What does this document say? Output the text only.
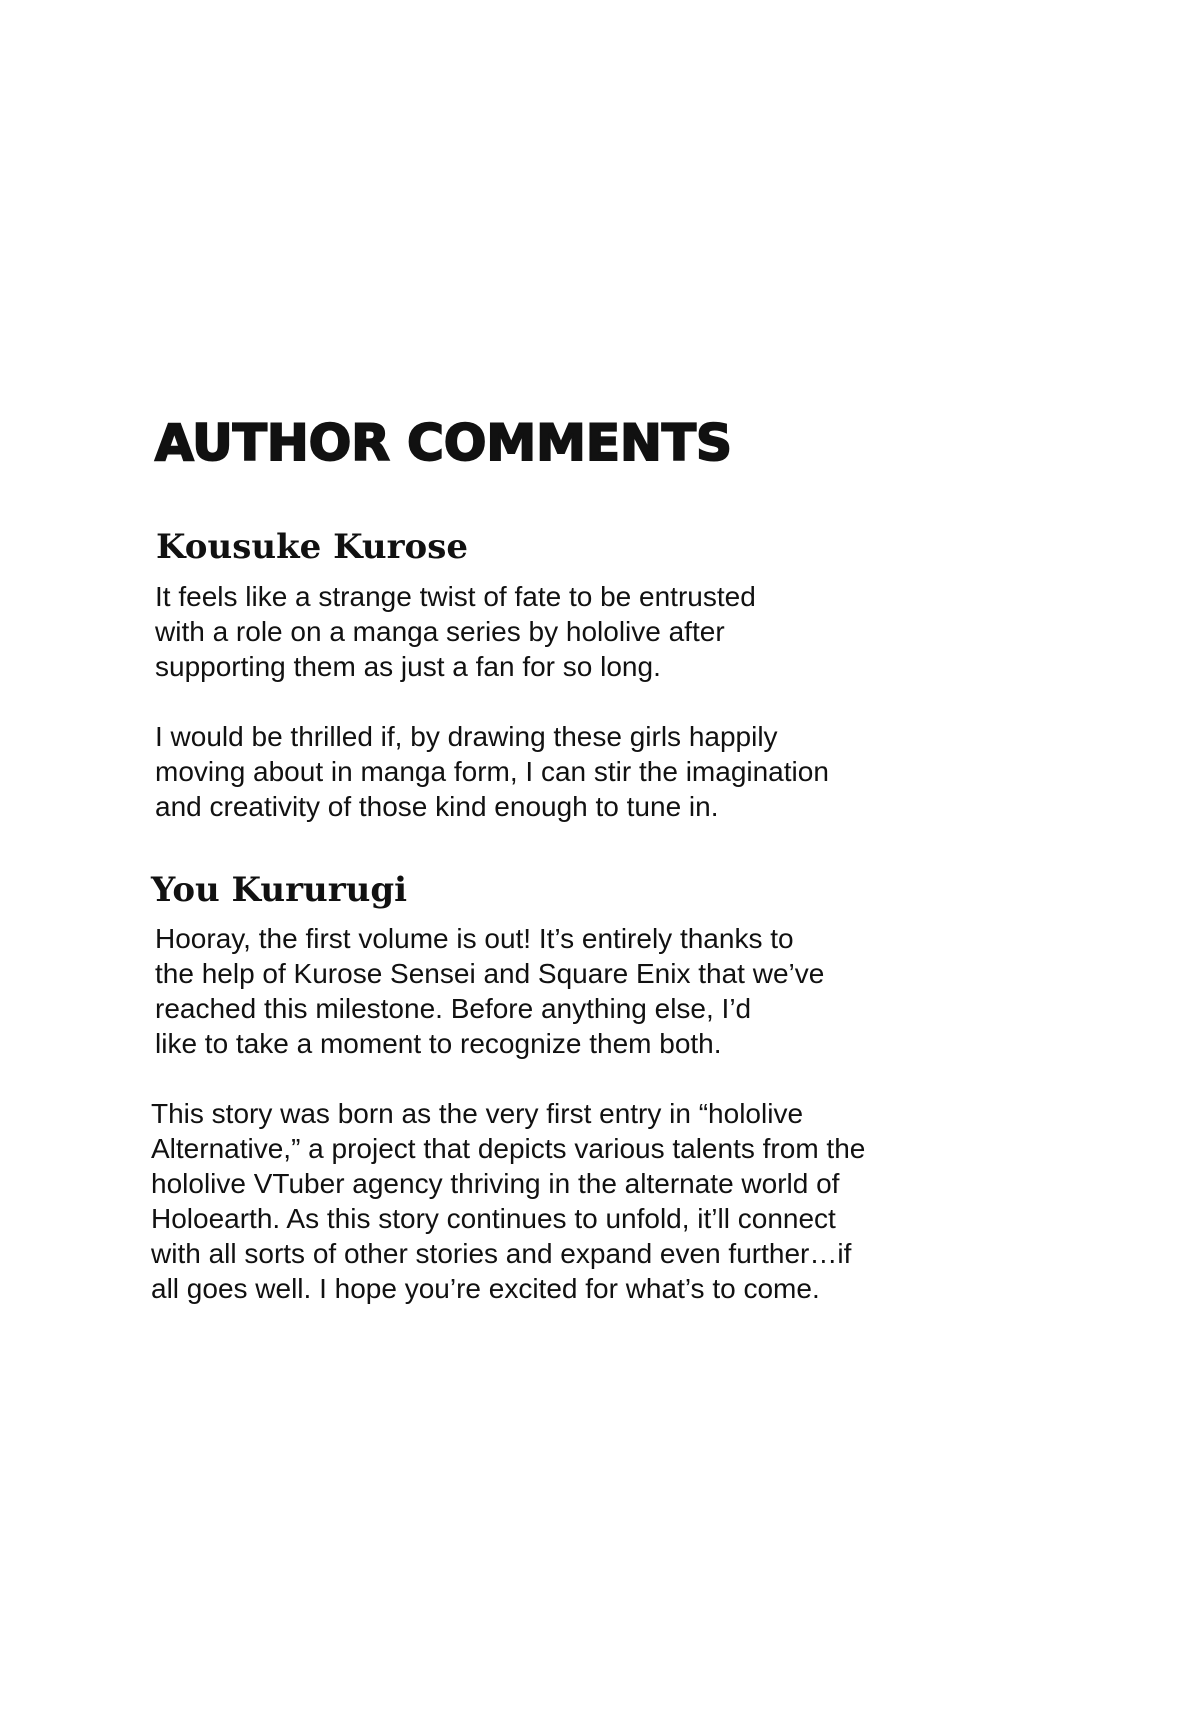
AUTHOR COMMENTS
Kousuke Kurose

It feels like a strange twist of fate to be entrusted
with a role on a manga series by hololive after
supporting them as just a fan for so long.

I would be thrilled if, by drawing these girls happily
moving about in manga form, I can stir the imagination
and creativity of those kind enough to tune in.

You Kururugi

Hooray, the first volume is out! It’s entirely thanks to
the help of Kurose Sensei and Square Enix that we’ve
reached this milestone. Before anything else, I’d
like to take a moment to recognize them both.

This story was born as the very first entry in “hololive
Alternative,” a project that depicts various talents from the
hololive VTuber agency thriving in the alternate world of
Holoearth. As this story continues to unfold, it’ll connect
with all sorts of other stories and expand even further…if
all goes well. I hope you’re excited for what’s to come.
